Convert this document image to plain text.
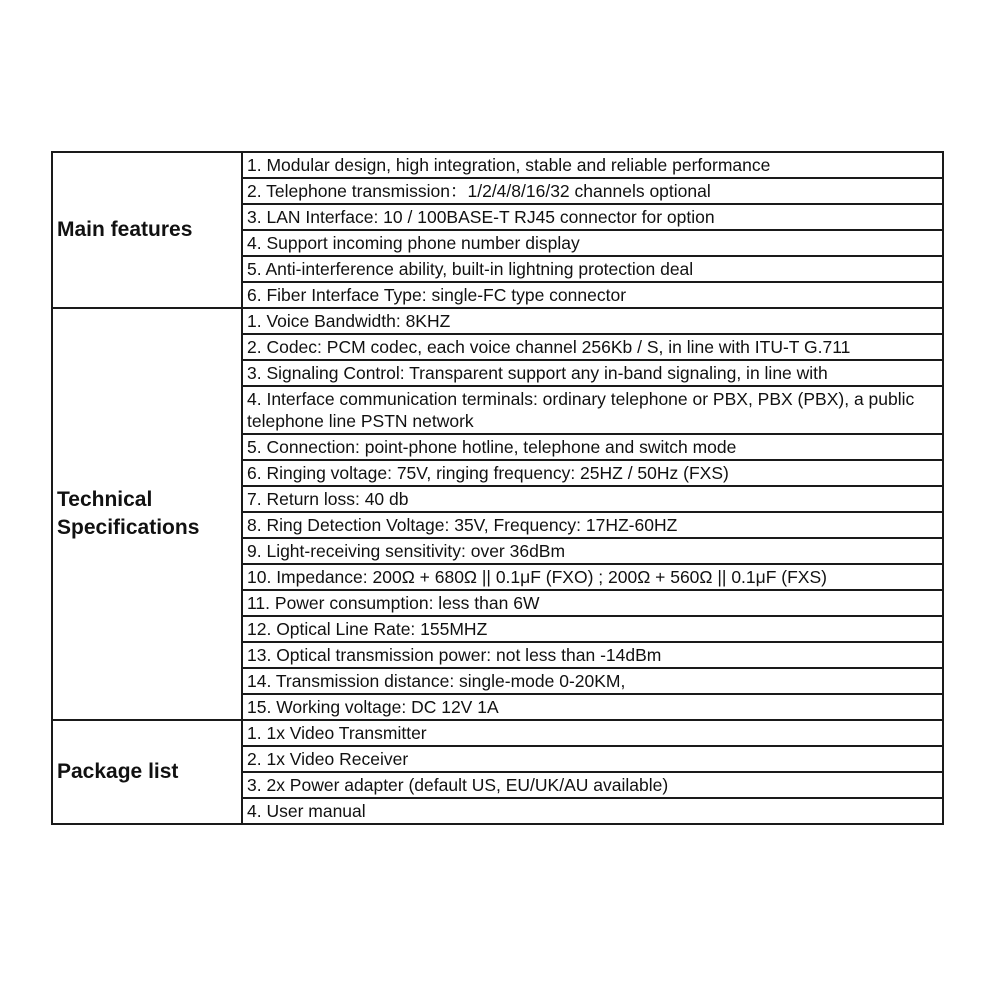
Main features	1. Modular design, high integration, stable and reliable performance
	2. Telephone transmission：1/2/4/8/16/32 channels optional
	3. LAN Interface: 10 / 100BASE-T RJ45 connector for option
	4. Support incoming phone number display
	5. Anti-interference ability, built-in lightning protection deal
	6. Fiber Interface Type: single-FC type connector
Technical
Specifications	1. Voice Bandwidth: 8KHZ
	2. Codec: PCM codec, each voice channel 256Kb / S, in line with ITU-T G.711
	3. Signaling Control: Transparent support any in-band signaling, in line with
	4. Interface communication terminals: ordinary telephone or PBX, PBX (PBX), a public telephone line PSTN network
	5. Connection: point-phone hotline, telephone and switch mode
	6. Ringing voltage: 75V, ringing frequency: 25HZ / 50Hz (FXS)
	7. Return loss: 40 db
	8. Ring Detection Voltage: 35V, Frequency: 17HZ-60HZ
	9. Light-receiving sensitivity: over 36dBm
	10. Impedance: 200Ω + 680Ω || 0.1μF (FXO) ; 200Ω + 560Ω || 0.1μF (FXS)
	11. Power consumption: less than 6W
	12. Optical Line Rate: 155MHZ
	13. Optical transmission power: not less than -14dBm
	14. Transmission distance: single-mode 0-20KM,
	15. Working voltage: DC 12V 1A
Package list	1. 1x Video Transmitter
	2. 1x Video Receiver
	3. 2x Power adapter (default US, EU/UK/AU available)
	4. User manual
